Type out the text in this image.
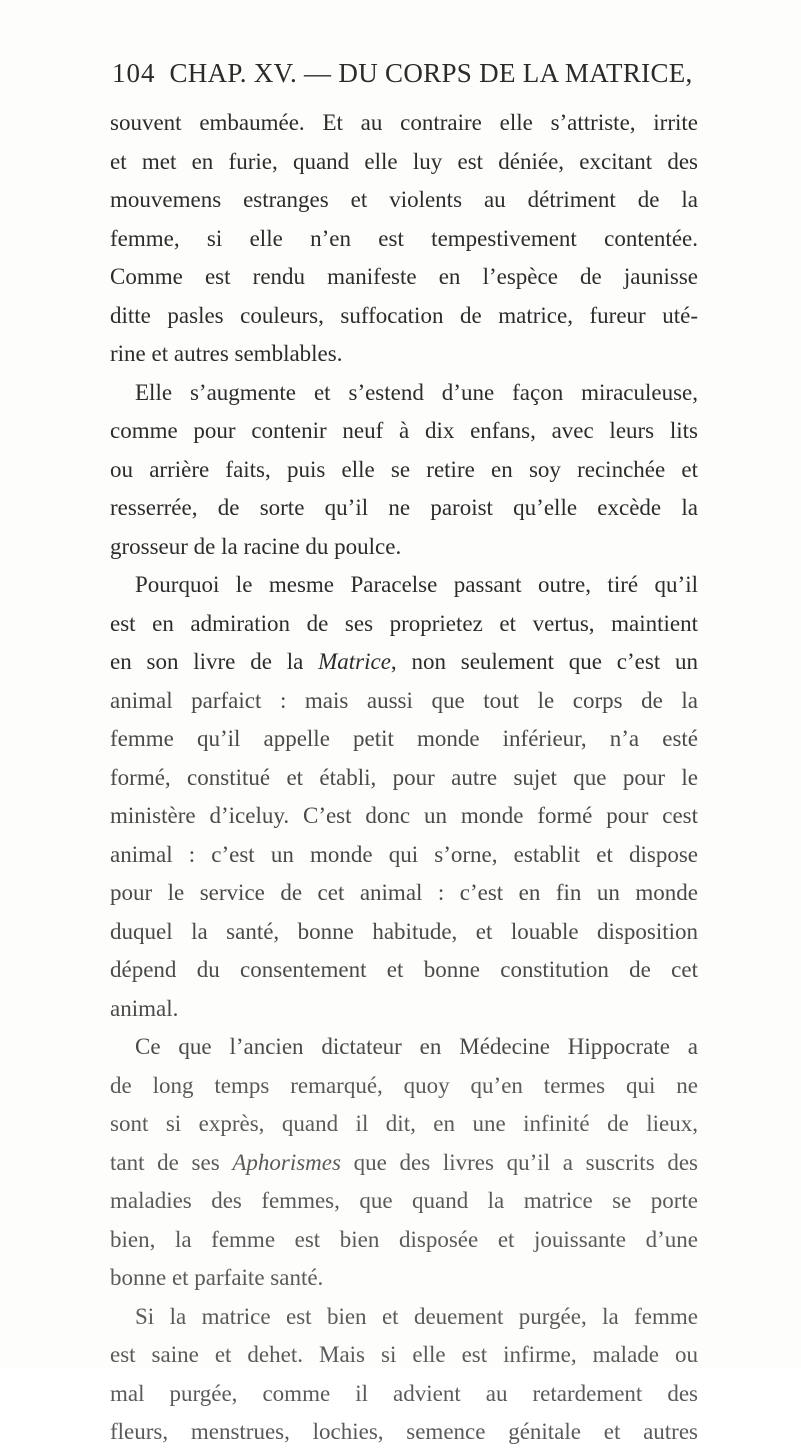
104 CHAP. XV. — DU CORPS DE LA MATRICE,
souvent embaumée. Et au contraire elle s’attriste, irrite
et met en furie, quand elle luy est déniée, excitant des
mouvemens estranges et violents au détriment de la
femme, si elle n’en est tempestivement contentée.
Comme est rendu manifeste en l’espèce de jaunisse
ditte pasles couleurs, suffocation de matrice, fureur uté-
rine et autres semblables.
Elle s’augmente et s’estend d’une façon miraculeuse,
comme pour contenir neuf à dix enfans, avec leurs lits
ou arrière faits, puis elle se retire en soy recinchée et
resserrée, de sorte qu’il ne paroist qu’elle excède la
grosseur de la racine du poulce.
Pourquoi le mesme Paracelse passant outre, tiré qu’il
est en admiration de ses proprietez et vertus, maintient
en son livre de la Matrice, non seulement que c’est un
animal parfaict : mais aussi que tout le corps de la
femme qu’il appelle petit monde inférieur, n’a esté
formé, constitué et établi, pour autre sujet que pour le
ministère d’iceluy. C’est donc un monde formé pour cest
animal : c’est un monde qui s’orne, establit et dispose
pour le service de cet animal : c’est en fin un monde
duquel la santé, bonne habitude, et louable disposition
dépend du consentement et bonne constitution de cet
animal.
Ce que l’ancien dictateur en Médecine Hippocrate a
de long temps remarqué, quoy qu’en termes qui ne
sont si exprès, quand il dit, en une infinité de lieux,
tant de ses Aphorismes que des livres qu’il a suscrits des
maladies des femmes, que quand la matrice se porte
bien, la femme est bien disposée et jouissante d’une
bonne et parfaite santé.
Si la matrice est bien et deuement purgée, la femme
est saine et dehet. Mais si elle est infirme, malade ou
mal purgée, comme il advient au retardement des
fleurs, menstrues, lochies, semence génitale et autres
